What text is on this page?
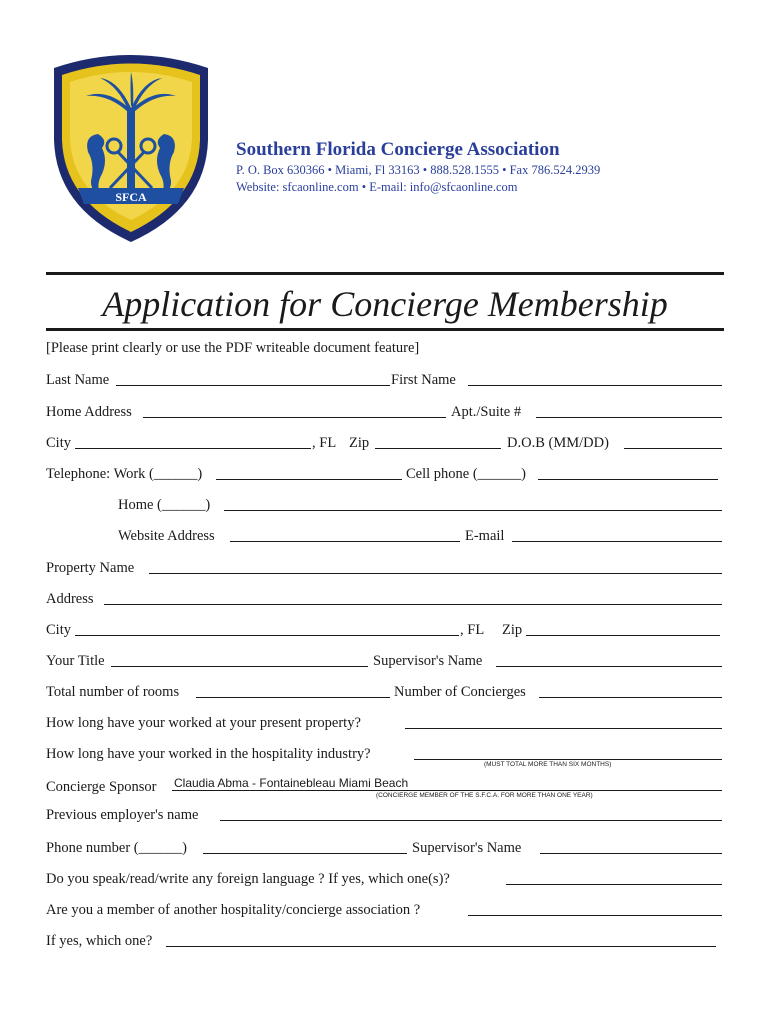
SFCA
Southern Florida Concierge Association
P. O. Box 630366 • Miami, Fl 33163 • 888.528.1555 • Fax 786.524.2939
Website: sfcaonline.com • E-mail: info@sfcaonline.com
Application for Concierge Membership
[Please print clearly or use the PDF writeable document feature]
Last Name	First Name
Home Address	Apt./Suite #
City	, FL Zip	D.O.B (MM/DD)
Telephone: Work (______)	Cell phone (______)
Home (______)
Website Address	E-mail
Property Name
Address
City	, FL Zip
Your Title	Supervisor's Name
Total number of rooms	Number of Concierges
How long have your worked at your present property?
How long have your worked in the hospitality industry?
(MUST TOTAL MORE THAN SIX MONTHS)
Concierge Sponsor Claudia Abma - Fontainebleau Miami Beach
(CONCIERGE MEMBER OF THE S.F.C.A. FOR MORE THAN ONE YEAR)
Previous employer's name
Phone number (______)	Supervisor's Name
Do you speak/read/write any foreign language ? If yes, which one(s)?
Are you a member of another hospitality/concierge association ?
If yes, which one?
